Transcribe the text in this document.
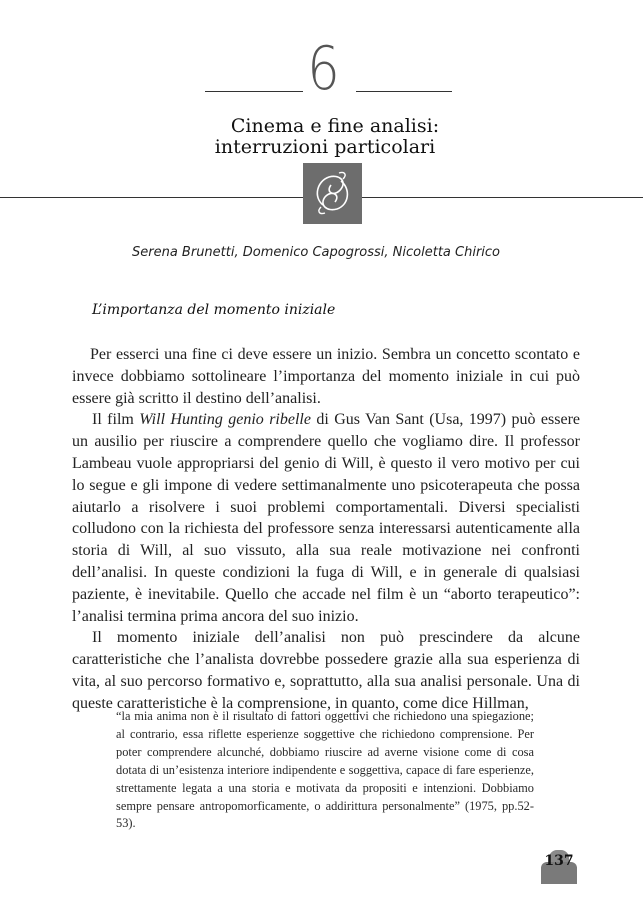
6
Cinema e fine analisi:
interruzioni particolari
Serena Brunetti, Domenico Capogrossi, Nicoletta Chirico
L’importanza del momento iniziale

Per esserci una fine ci deve essere un inizio. Sembra un concetto scontato e invece dobbiamo sottolineare l’importanza del momento iniziale in cui può essere già scritto il destino dell’analisi.

Il film Will Hunting genio ribelle di Gus Van Sant (Usa, 1997) può essere un ausilio per riuscire a comprendere quello che vogliamo dire. Il professor Lambeau vuole appropriarsi del genio di Will, è questo il vero motivo per cui lo segue e gli impone di vedere settimanalmente uno psicoterapeuta che possa aiutarlo a risolvere i suoi problemi comportamentali. Diversi specialisti colludono con la richiesta del professore senza interessarsi autenticamente alla storia di Will, al suo vissuto, alla sua reale motivazione nei confronti dell’analisi. In queste condizioni la fuga di Will, e in generale di qualsiasi paziente, è inevitabile. Quello che accade nel film è un “aborto terapeutico”: l’analisi termina prima ancora del suo inizio.

Il momento iniziale dell’analisi non può prescindere da alcune caratteristiche che l’analista dovrebbe possedere grazie alla sua esperienza di vita, al suo percorso formativo e, soprattutto, alla sua analisi personale. Una di queste caratteristiche è la comprensione, in quanto, come dice Hillman,

“la mia anima non è il risultato di fattori oggettivi che richiedono una spiegazione; al contrario, essa riflette esperienze soggettive che richiedono comprensione. Per poter comprendere alcunché, dobbiamo riuscire ad averne visione come di cosa dotata di un’esistenza interiore indipendente e soggettiva, capace di fare esperienze, strettamente legata a una storia e motivata da propositi e intenzioni. Dobbiamo sempre pensare antropomorficamente, o addirittura personalmente” (1975, pp.52-53).
137
